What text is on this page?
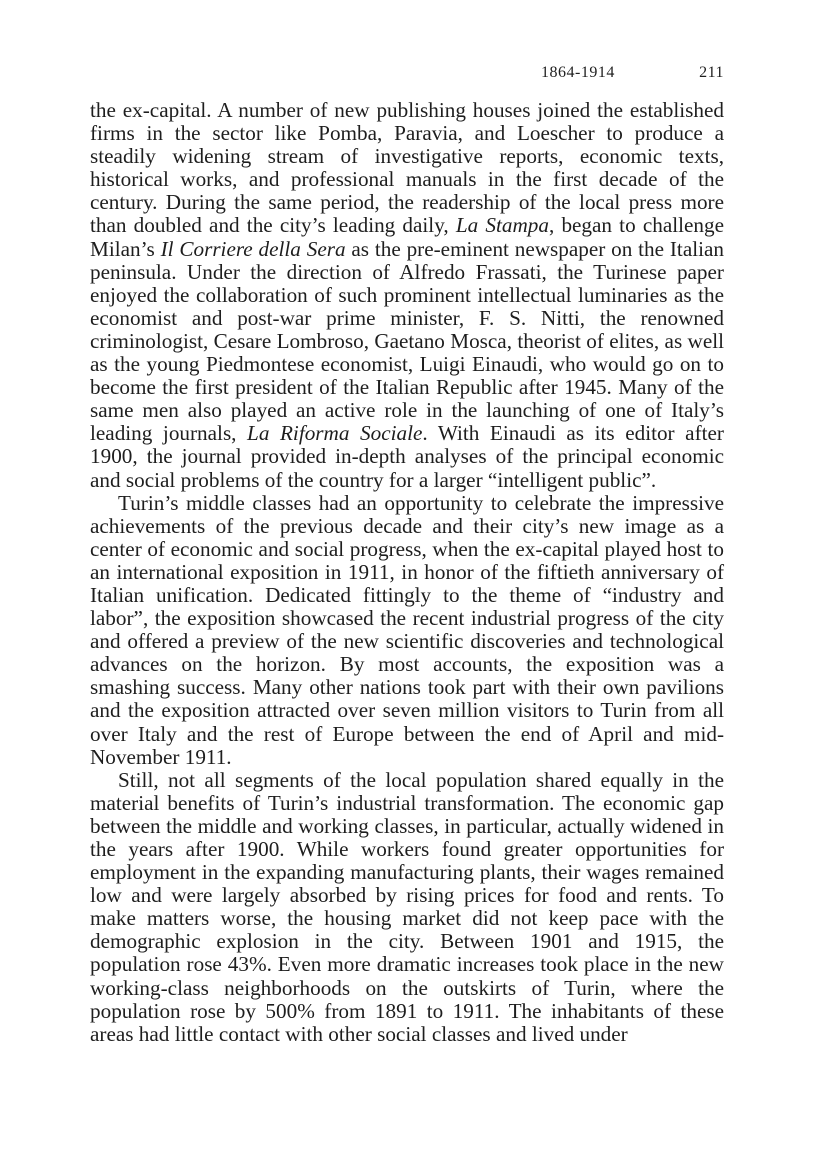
1864-1914	211

the ex-capital. A number of new publishing houses joined the established firms in the sector like Pomba, Paravia, and Loescher to produce a steadily widening stream of investigative reports, economic texts, historical works, and professional manuals in the first decade of the century. During the same period, the readership of the local press more than doubled and the city’s leading daily, La Stampa, began to challenge Milan’s Il Corriere della Sera as the pre-eminent newspaper on the Italian peninsula. Under the direction of Alfredo Frassati, the Turinese paper enjoyed the collaboration of such prominent intellectual luminaries as the economist and post-war prime minister, F. S. Nitti, the renowned criminologist, Cesare Lombroso, Gaetano Mosca, theorist of elites, as well as the young Piedmontese economist, Luigi Einaudi, who would go on to become the first president of the Italian Republic after 1945. Many of the same men also played an active role in the launching of one of Italy’s leading journals, La Riforma Sociale. With Einaudi as its editor after 1900, the journal provided in-depth analyses of the principal economic and social problems of the country for a larger “intelligent public”.

Turin’s middle classes had an opportunity to celebrate the impressive achievements of the previous decade and their city’s new image as a center of economic and social progress, when the ex-capital played host to an international exposition in 1911, in honor of the fiftieth anniversary of Italian unification. Dedicated fittingly to the theme of “industry and labor”, the exposition showcased the recent industrial progress of the city and offered a preview of the new scientific discoveries and technological advances on the horizon. By most accounts, the exposition was a smashing success. Many other nations took part with their own pavilions and the exposition attracted over seven million visitors to Turin from all over Italy and the rest of Europe between the end of April and mid-November 1911.

Still, not all segments of the local population shared equally in the material benefits of Turin’s industrial transformation. The economic gap between the middle and working classes, in particular, actually widened in the years after 1900. While workers found greater opportunities for employment in the expanding manufacturing plants, their wages remained low and were largely absorbed by rising prices for food and rents. To make matters worse, the housing market did not keep pace with the demographic explosion in the city. Between 1901 and 1915, the population rose 43%. Even more dramatic increases took place in the new working-class neighborhoods on the outskirts of Turin, where the population rose by 500% from 1891 to 1911. The inhabitants of these areas had little contact with other social classes and lived under
